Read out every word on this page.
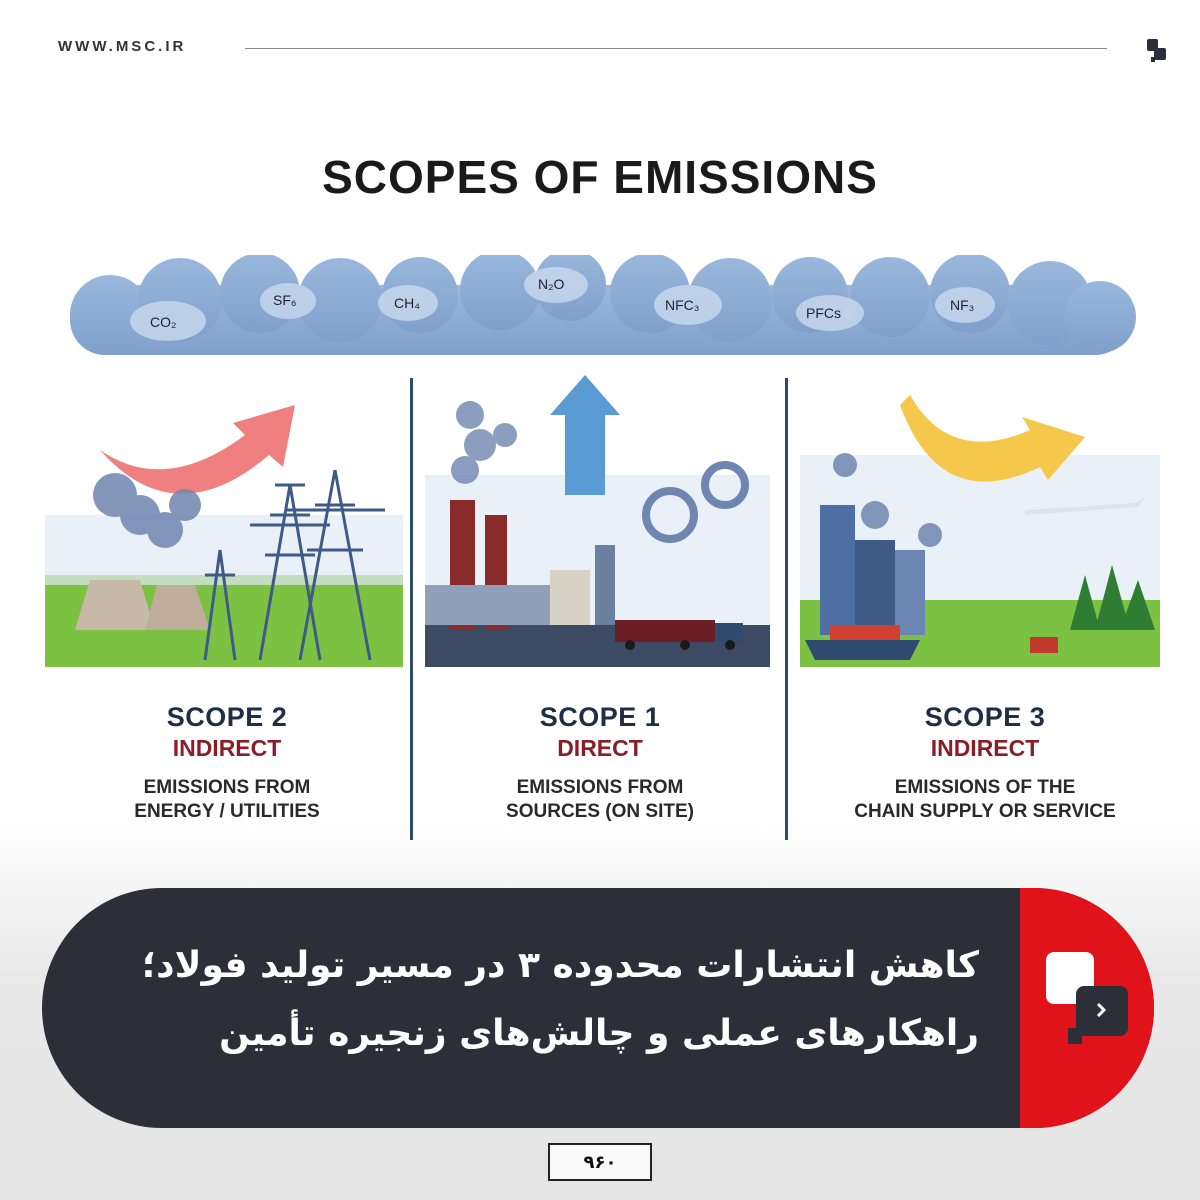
WWW.MSC.IR
SCOPES OF EMISSIONS
CO₂
SF₆	CH₄
N₂O
NFC₃	PFCs	NF₃
SCOPE 2
INDIRECT
EMISSIONS FROM
ENERGY / UTILITIES
SCOPE 1
DIRECT
EMISSIONS FROM
SOURCES (ON SITE)
SCOPE 3
INDIRECT
EMISSIONS OF THE
CHAIN SUPPLY OR SERVICE
کاهش انتشارات محدوده ۳ در مسیر تولید فولاد؛
راهکارهای عملی و چالش‌های زنجیره تأمین
۹۶۰
